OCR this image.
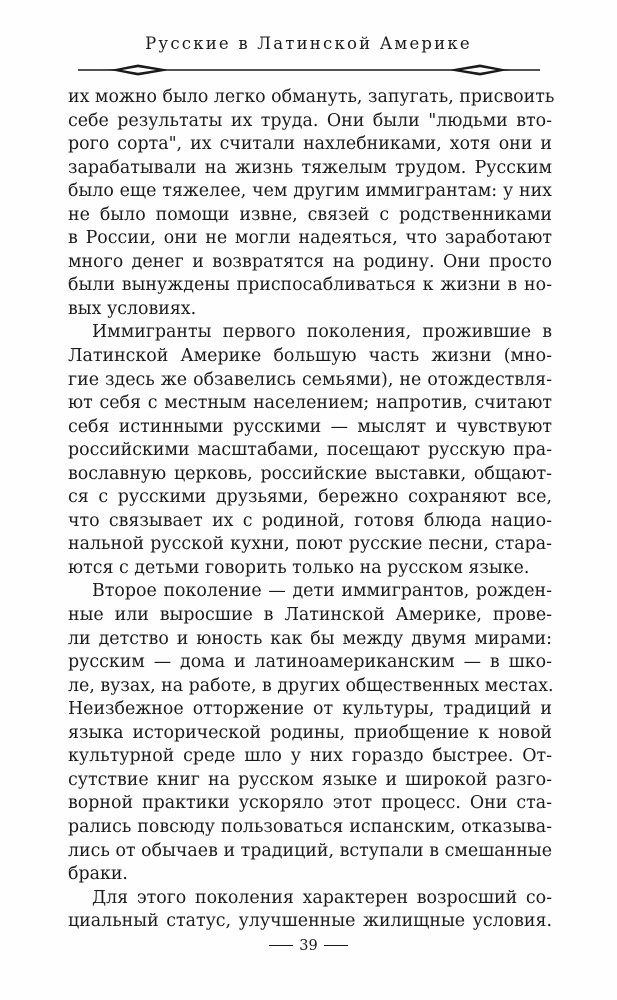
Русские в Латинской Америке
их можно было легко обмануть, запугать, присвоить
себе результаты их труда. Они были "людьми вто-
рого сорта", их считали нахлебниками, хотя они и
зарабатывали на жизнь тяжелым трудом. Русским
было еще тяжелее, чем другим иммигрантам: у них
не было помощи извне, связей с родственниками
в России, они не могли надеяться, что заработают
много денег и возвратятся на родину. Они просто
были вынуждены приспосабливаться к жизни в но-
вых условиях.
Иммигранты первого поколения, прожившие в
Латинской Америке большую часть жизни (мно-
гие здесь же обзавелись семьями), не отождествля-
ют себя с местным населением; напротив, считают
себя истинными русскими — мыслят и чувствуют
российскими масштабами, посещают русскую пра-
вославную церковь, российские выставки, общают-
ся с русскими друзьями, бережно сохраняют все,
что связывает их с родиной, готовя блюда нацио-
нальной русской кухни, поют русские песни, стара-
ются с детьми говорить только на русском языке.
Второе поколение — дети иммигрантов, рожден-
ные или выросшие в Латинской Америке, прове-
ли детство и юность как бы между двумя мирами:
русским — дома и латиноамериканским — в шко-
ле, вузах, на работе, в других общественных местах.
Неизбежное отторжение от культуры, традиций и
языка исторической родины, приобщение к новой
культурной среде шло у них гораздо быстрее. От-
сутствие книг на русском языке и широкой разго-
ворной практики ускоряло этот процесс. Они ста-
рались повсюду пользоваться испанским, отказыва-
лись от обычаев и традиций, вступали в смешанные
браки.
Для этого поколения характерен возросший со-
циальный статус, улучшенные жилищные условия.
39
